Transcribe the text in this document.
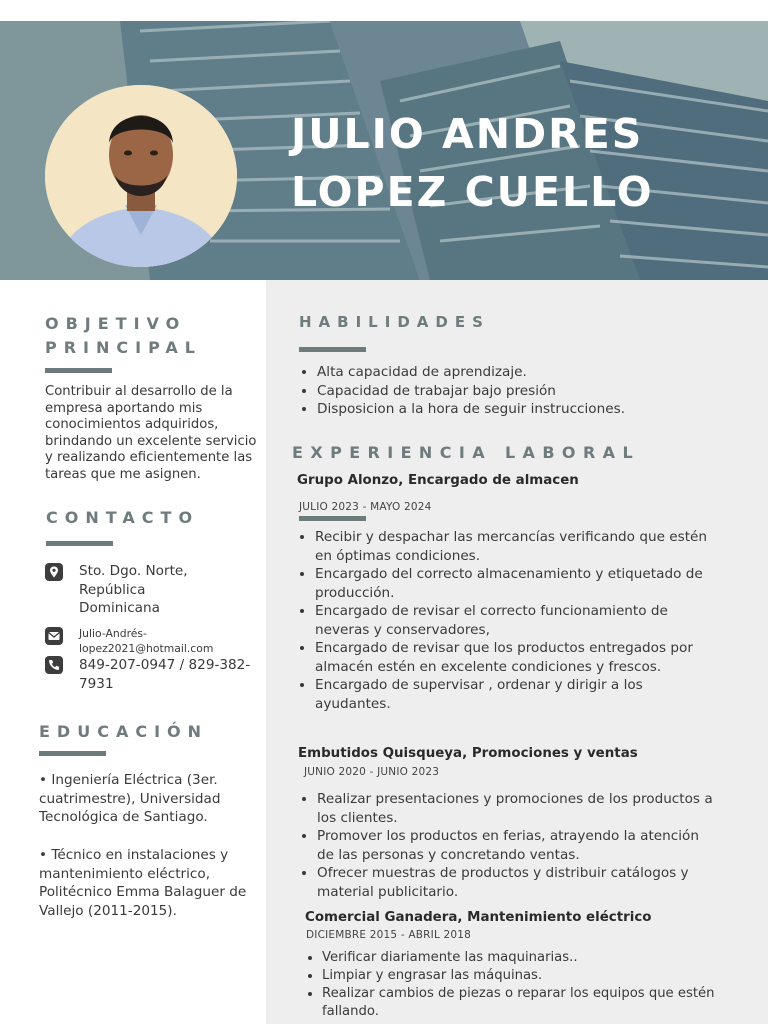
JULIO ANDRES
LOPEZ CUELLO
OBJETIVO
PRINCIPAL

Contribuir al desarrollo de la empresa aportando mis conocimientos adquiridos, brindando un excelente servicio y realizando eficientemente las tareas que me asignen.

CONTACTO

Sto. Dgo. Norte, República Dominicana

Julio-Andrés-lopez2021@hotmail.com

849-207-0947 / 829-382-7931

EDUCACIÓN

• Ingeniería Eléctrica (3er. cuatrimestre), Universidad Tecnológica de Santiago.

• Técnico en instalaciones y mantenimiento eléctrico, Politécnico Emma Balaguer de Vallejo (2011-2015).

HABILIDADES
• Alta capacidad de aprendizaje.
• Capacidad de trabajar bajo presión
• Disposicion a la hora de seguir instrucciones.
EXPERIENCIA LABORAL

Grupo Alonzo, Encargado de almacen

JULIO 2023 - MAYO 2024

• Recibir y despachar las mercancías verificando que estén en óptimas condiciones.
• Encargado del correcto almacenamiento y etiquetado de producción.
• Encargado de revisar el correcto funcionamiento de neveras y conservadores,
• Encargado de revisar que los productos entregados por almacén estén en excelente condiciones y frescos.
• Encargado de supervisar , ordenar y dirigir a los ayudantes.

Embutidos Quisqueya, Promociones y ventas

JUNIO 2020 - JUNIO 2023

• Realizar presentaciones y promociones de los productos a los clientes.
• Promover los productos en ferias, atrayendo la atención de las personas y concretando ventas.
• Ofrecer muestras de productos y distribuir catálogos y material publicitario.

Comercial Ganadera, Mantenimiento eléctrico

DICIEMBRE 2015 - ABRIL 2018

• Verificar diariamente las maquinarias..
• Limpiar y engrasar las máquinas.
• Realizar cambios de piezas o reparar los equipos que estén fallando.
